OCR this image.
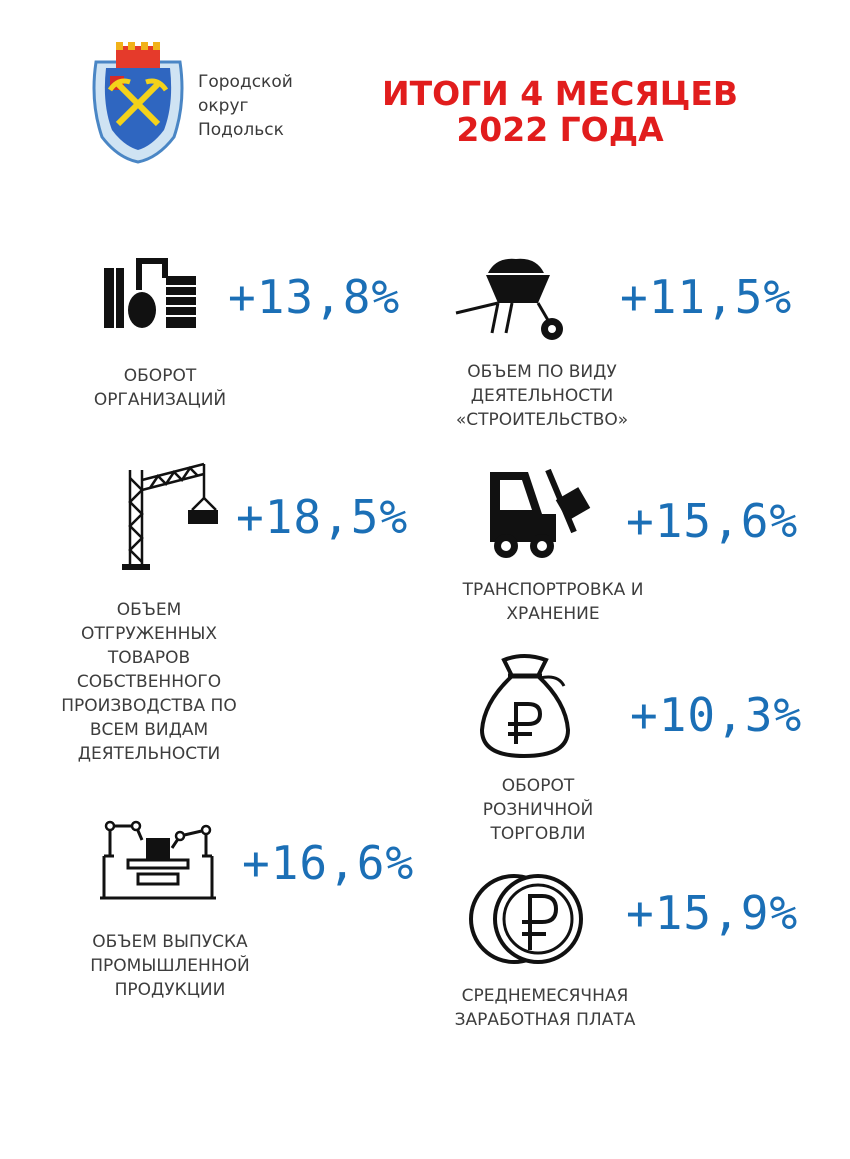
Городской
округ
Подольск
ИТОГИ 4 МЕСЯЦЕВ
2022 ГОДА
+13,8%
ОБОРОТ
ОРГАНИЗАЦИЙ
+11,5%
ОБЪЕМ ПО ВИДУ
ДЕЯТЕЛЬНОСТИ
«СТРОИТЕЛЬСТВО»
+18,5%
ОБЪЕМ
ОТГРУЖЕННЫХ
ТОВАРОВ
СОБСТВЕННОГО
ПРОИЗВОДСТВА ПО
ВСЕМ ВИДАМ
ДЕЯТЕЛЬНОСТИ
+15,6%
ТРАНСПОРТРОВКА И
ХРАНЕНИЕ
+10,3%
ОБОРОТ
РОЗНИЧНОЙ
ТОРГОВЛИ
+16,6%
ОБЪЕМ ВЫПУСКА
ПРОМЫШЛЕННОЙ
ПРОДУКЦИИ
+15,9%
СРЕДНЕМЕСЯЧНАЯ
ЗАРАБОТНАЯ ПЛАТА
